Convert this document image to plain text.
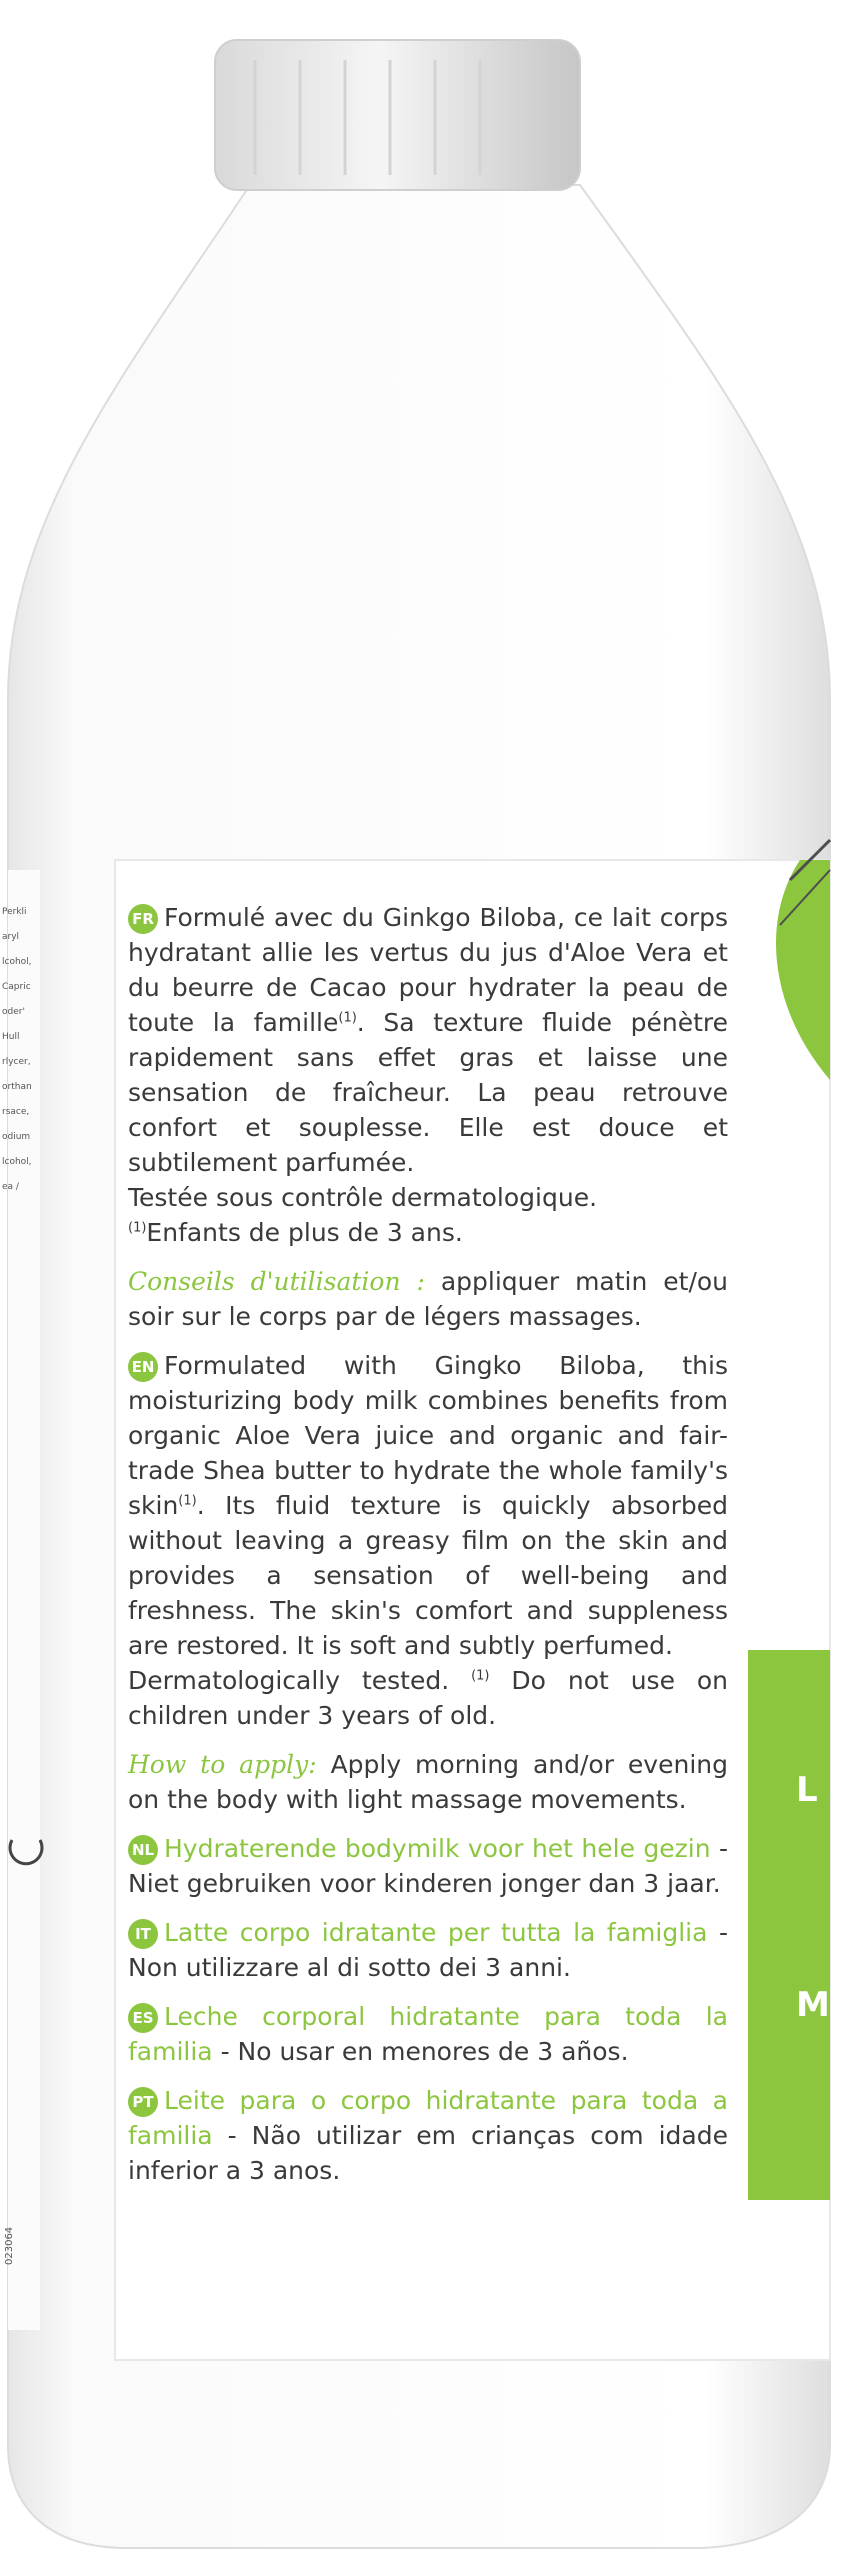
Perkli
aryl
lcohol,
Capric
oder'
Hull
rlycer,
orthan
rsace,
odium
lcohol,
ea /
023064
L
M

FR Formulé avec du Ginkgo Biloba, ce lait corps hydratant allie les vertus du jus d'Aloe Vera et du beurre de Cacao pour hydrater la peau de toute la famille$^{(1)}$. Sa texture fluide pénètre rapidement sans effet gras et laisse une sensation de fraîcheur. La peau retrouve confort et souplesse. Elle est douce et subtilement parfumée.
Testée sous contrôle dermatologique.
$^{(1)}$Enfants de plus de 3 ans.

Conseils d'utilisation : appliquer matin et/ou soir sur le corps par de légers massages.

EN Formulated with Gingko Biloba, this moisturizing body milk combines benefits from organic Aloe Vera juice and organic and fair-trade Shea butter to hydrate the whole family's skin$^{(1)}$. Its fluid texture is quickly absorbed without leaving a greasy film on the skin and provides a sensation of well-being and freshness. The skin's comfort and suppleness are restored. It is soft and subtly perfumed.
Dermatologically tested. $^{(1)}$ Do not use on children under 3 years of old.

How to apply: Apply morning and/or evening on the body with light massage movements.

NL Hydraterende bodymilk voor het hele gezin - Niet gebruiken voor kinderen jonger dan 3 jaar.

IT Latte corpo idratante per tutta la famiglia - Non utilizzare al di sotto dei 3 anni.

ES Leche corporal hidratante para toda la familia - No usar en menores de 3 años.

PT Leite para o corpo hidratante para toda a familia - Não utilizar em crianças com idade inferior a 3 anos.
